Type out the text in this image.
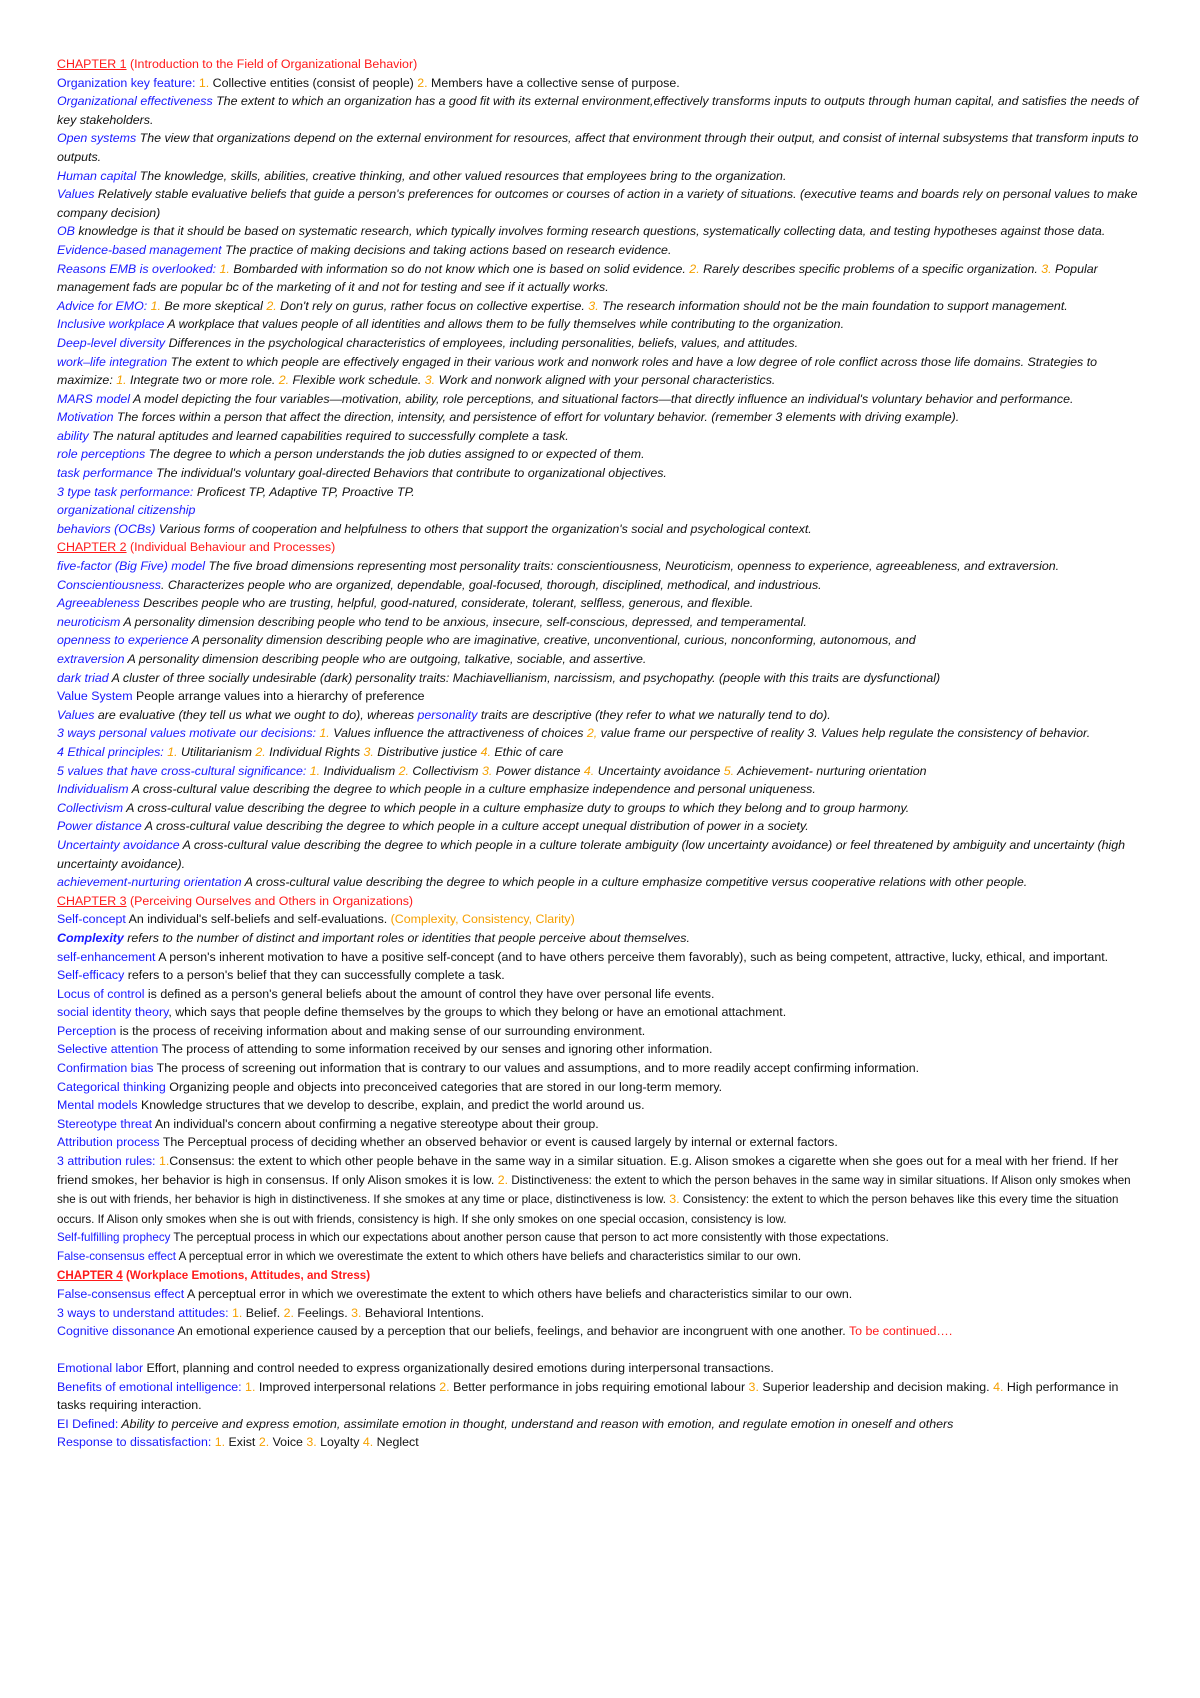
CHAPTER 1 (Introduction to the Field of Organizational Behavior)

Organization key feature: 1. Collective entities (consist of people) 2. Members have a collective sense of purpose.

Organizational effectiveness The extent to which an organization has a good fit with its external environment,effectively transforms inputs to outputs through human capital, and satisfies the needs of key stakeholders.

Open systems The view that organizations depend on the external environment for resources, affect that environment through their output, and consist of internal subsystems that transform inputs to outputs.

Human capital The knowledge, skills, abilities, creative thinking, and other valued resources that employees bring to the organization.

Values Relatively stable evaluative beliefs that guide a person's preferences for outcomes or courses of action in a variety of situations. (executive teams and boards rely on personal values to make company decision)

OB knowledge is that it should be based on systematic research, which typically involves forming research questions, systematically collecting data, and testing hypotheses against those data.

Evidence-based management The practice of making decisions and taking actions based on research evidence.

Reasons EMB is overlooked: 1. Bombarded with information so do not know which one is based on solid evidence. 2. Rarely describes specific problems of a specific organization. 3. Popular management fads are popular bc of the marketing of it and not for testing and see if it actually works.

Advice for EMO: 1. Be more skeptical 2. Don't rely on gurus, rather focus on collective expertise. 3. The research information should not be the main foundation to support management.

Inclusive workplace A workplace that values people of all identities and allows them to be fully themselves while contributing to the organization.

Deep-level diversity Differences in the psychological characteristics of employees, including personalities, beliefs, values, and attitudes.

work–life integration The extent to which people are effectively engaged in their various work and nonwork roles and have a low degree of role conflict across those life domains. Strategies to maximize: 1. Integrate two or more role. 2. Flexible work schedule. 3. Work and nonwork aligned with your personal characteristics.

MARS model A model depicting the four variables—motivation, ability, role perceptions, and situational factors—that directly influence an individual's voluntary behavior and performance.

Motivation The forces within a person that affect the direction, intensity, and persistence of effort for voluntary behavior. (remember 3 elements with driving example).

ability The natural aptitudes and learned capabilities required to successfully complete a task.

role perceptions The degree to which a person understands the job duties assigned to or expected of them.

task performance The individual's voluntary goal-directed Behaviors that contribute to organizational objectives.

3 type task performance: Proficest TP, Adaptive TP, Proactive TP.

organizational citizenship

behaviors (OCBs) Various forms of cooperation and helpfulness to others that support the organization's social and psychological context.

CHAPTER 2 (Individual Behaviour and Processes)

five-factor (Big Five) model The five broad dimensions representing most personality traits: conscientiousness, Neuroticism, openness to experience, agreeableness, and extraversion.

Conscientiousness. Characterizes people who are organized, dependable, goal-focused, thorough, disciplined, methodical, and industrious.

Agreeableness Describes people who are trusting, helpful, good-natured, considerate, tolerant, selfless, generous, and flexible.

neuroticism A personality dimension describing people who tend to be anxious, insecure, self-conscious, depressed, and temperamental.

openness to experience A personality dimension describing people who are imaginative, creative, unconventional, curious, nonconforming, autonomous, and

extraversion A personality dimension describing people who are outgoing, talkative, sociable, and assertive.

dark triad A cluster of three socially undesirable (dark) personality traits: Machiavellianism, narcissism, and psychopathy. (people with this traits are dysfunctional)

Value System People arrange values into a hierarchy of preference

Values are evaluative (they tell us what we ought to do), whereas personality traits are descriptive (they refer to what we naturally tend to do).

3 ways personal values motivate our decisions: 1. Values influence the attractiveness of choices 2, value frame our perspective of reality 3. Values help regulate the consistency of behavior.

4 Ethical principles: 1. Utilitarianism 2. Individual Rights 3. Distributive justice 4. Ethic of care

5 values that have cross-cultural significance: 1. Individualism 2. Collectivism 3. Power distance 4. Uncertainty avoidance 5. Achievement- nurturing orientation

Individualism A cross-cultural value describing the degree to which people in a culture emphasize independence and personal uniqueness.

Collectivism A cross-cultural value describing the degree to which people in a culture emphasize duty to groups to which they belong and to group harmony.

Power distance A cross-cultural value describing the degree to which people in a culture accept unequal distribution of power in a society.

Uncertainty avoidance A cross-cultural value describing the degree to which people in a culture tolerate ambiguity (low uncertainty avoidance) or feel threatened by ambiguity and uncertainty (high uncertainty avoidance).

achievement-nurturing orientation A cross-cultural value describing the degree to which people in a culture emphasize competitive versus cooperative relations with other people.

CHAPTER 3 (Perceiving Ourselves and Others in Organizations)

Self-concept An individual's self-beliefs and self-evaluations. (Complexity, Consistency, Clarity)

Complexity refers to the number of distinct and important roles or identities that people perceive about themselves.

self-enhancement A person's inherent motivation to have a positive self-concept (and to have others perceive them favorably), such as being competent, attractive, lucky, ethical, and important.

Self-efficacy refers to a person's belief that they can successfully complete a task.

Locus of control is defined as a person's general beliefs about the amount of control they have over personal life events.

social identity theory, which says that people define themselves by the groups to which they belong or have an emotional attachment.

Perception is the process of receiving information about and making sense of our surrounding environment.

Selective attention The process of attending to some information received by our senses and ignoring other information.

Confirmation bias The process of screening out information that is contrary to our values and assumptions, and to more readily accept confirming information.

Categorical thinking Organizing people and objects into preconceived categories that are stored in our long-term memory.

Mental models Knowledge structures that we develop to describe, explain, and predict the world around us.

Stereotype threat An individual's concern about confirming a negative stereotype about their group.

Attribution process The Perceptual process of deciding whether an observed behavior or event is caused largely by internal or external factors.

3 attribution rules: 1.Consensus: the extent to which other people behave in the same way in a similar situation. E.g. Alison smokes a cigarette when she goes out for a meal with her friend. If her friend smokes, her behavior is high in consensus. If only Alison smokes it is low. 2. Distinctiveness: the extent to which the person behaves in the same way in similar situations. If Alison only smokes when she is out with friends, her behavior is high in distinctiveness. If she smokes at any time or place, distinctiveness is low. 3. Consistency: the extent to which the person behaves like this every time the situation occurs. If Alison only smokes when she is out with friends, consistency is high. If she only smokes on one special occasion, consistency is low.

Self-fulfilling prophecy The perceptual process in which our expectations about another person cause that person to act more consistently with those expectations.

False-consensus effect A perceptual error in which we overestimate the extent to which others have beliefs and characteristics similar to our own.

CHAPTER 4 (Workplace Emotions, Attitudes, and Stress)

False-consensus effect A perceptual error in which we overestimate the extent to which others have beliefs and characteristics similar to our own.

3 ways to understand attitudes: 1. Belief. 2. Feelings. 3. Behavioral Intentions.

Cognitive dissonance An emotional experience caused by a perception that our beliefs, feelings, and behavior are incongruent with one another. To be continued….

Emotional labor Effort, planning and control needed to express organizationally desired emotions during interpersonal transactions.

Benefits of emotional intelligence: 1. Improved interpersonal relations 2. Better performance in jobs requiring emotional labour 3. Superior leadership and decision making. 4. High performance in tasks requiring interaction.

EI Defined: Ability to perceive and express emotion, assimilate emotion in thought, understand and reason with emotion, and regulate emotion in oneself and others

Response to dissatisfaction: 1. Exist 2. Voice 3. Loyalty 4. Neglect
